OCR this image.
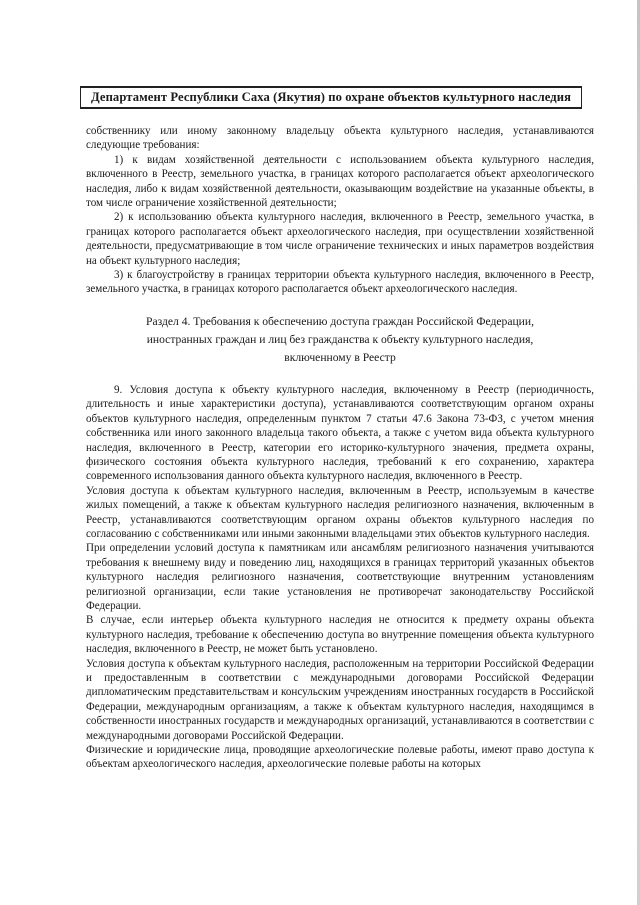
Департамент Республики Саха (Якутия) по охране объектов культурного наследия

собственнику или иному законному владельцу объекта культурного наследия, устанавливаются следующие требования:

1) к видам хозяйственной деятельности с использованием объекта культурного наследия, включенного в Реестр, земельного участка, в границах которого располагается объект археологического наследия, либо к видам хозяйственной деятельности, оказывающим воздействие на указанные объекты, в том числе ограничение хозяйственной деятельности;

2) к использованию объекта культурного наследия, включенного в Реестр, земельного участка, в границах которого располагается объект археологического наследия, при осуществлении хозяйственной деятельности, предусматривающие в том числе ограничение технических и иных параметров воздействия на объект культурного наследия;

3) к благоустройству в границах территории объекта культурного наследия, включенного в Реестр, земельного участка, в границах которого располагается объект археологического наследия.

Раздел 4. Требования к обеспечению доступа граждан Российской Федерации,
иностранных граждан и лиц без гражданства к объекту культурного наследия,
включенному в Реестр

9. Условия доступа к объекту культурного наследия, включенному в Реестр (периодичность, длительность и иные характеристики доступа), устанавливаются соответствующим органом охраны объектов культурного наследия, определенным пунктом 7 статьи 47.6 Закона 73-ФЗ, с учетом мнения собственника или иного законного владельца такого объекта, а также с учетом вида объекта культурного наследия, включенного в Реестр, категории его историко-культурного значения, предмета охраны, физического состояния объекта культурного наследия, требований к его сохранению, характера современного использования данного объекта культурного наследия, включенного в Реестр.

Условия доступа к объектам культурного наследия, включенным в Реестр, используемым в качестве жилых помещений, а также к объектам культурного наследия религиозного назначения, включенным в Реестр, устанавливаются соответствующим органом охраны объектов культурного наследия по согласованию с собственниками или иными законными владельцами этих объектов культурного наследия.

При определении условий доступа к памятникам или ансамблям религиозного назначения учитываются требования к внешнему виду и поведению лиц, находящихся в границах территорий указанных объектов культурного наследия религиозного назначения, соответствующие внутренним установлениям религиозной организации, если такие установления не противоречат законодательству Российской Федерации.

В случае, если интерьер объекта культурного наследия не относится к предмету охраны объекта культурного наследия, требование к обеспечению доступа во внутренние помещения объекта культурного наследия, включенного в Реестр, не может быть установлено.

Условия доступа к объектам культурного наследия, расположенным на территории Российской Федерации и предоставленным в соответствии с международными договорами Российской Федерации дипломатическим представительствам и консульским учреждениям иностранных государств в Российской Федерации, международным организациям, а также к объектам культурного наследия, находящимся в собственности иностранных государств и международных организаций, устанавливаются в соответствии с международными договорами Российской Федерации.

Физические и юридические лица, проводящие археологические полевые работы, имеют право доступа к объектам археологического наследия, археологические полевые работы на которых
